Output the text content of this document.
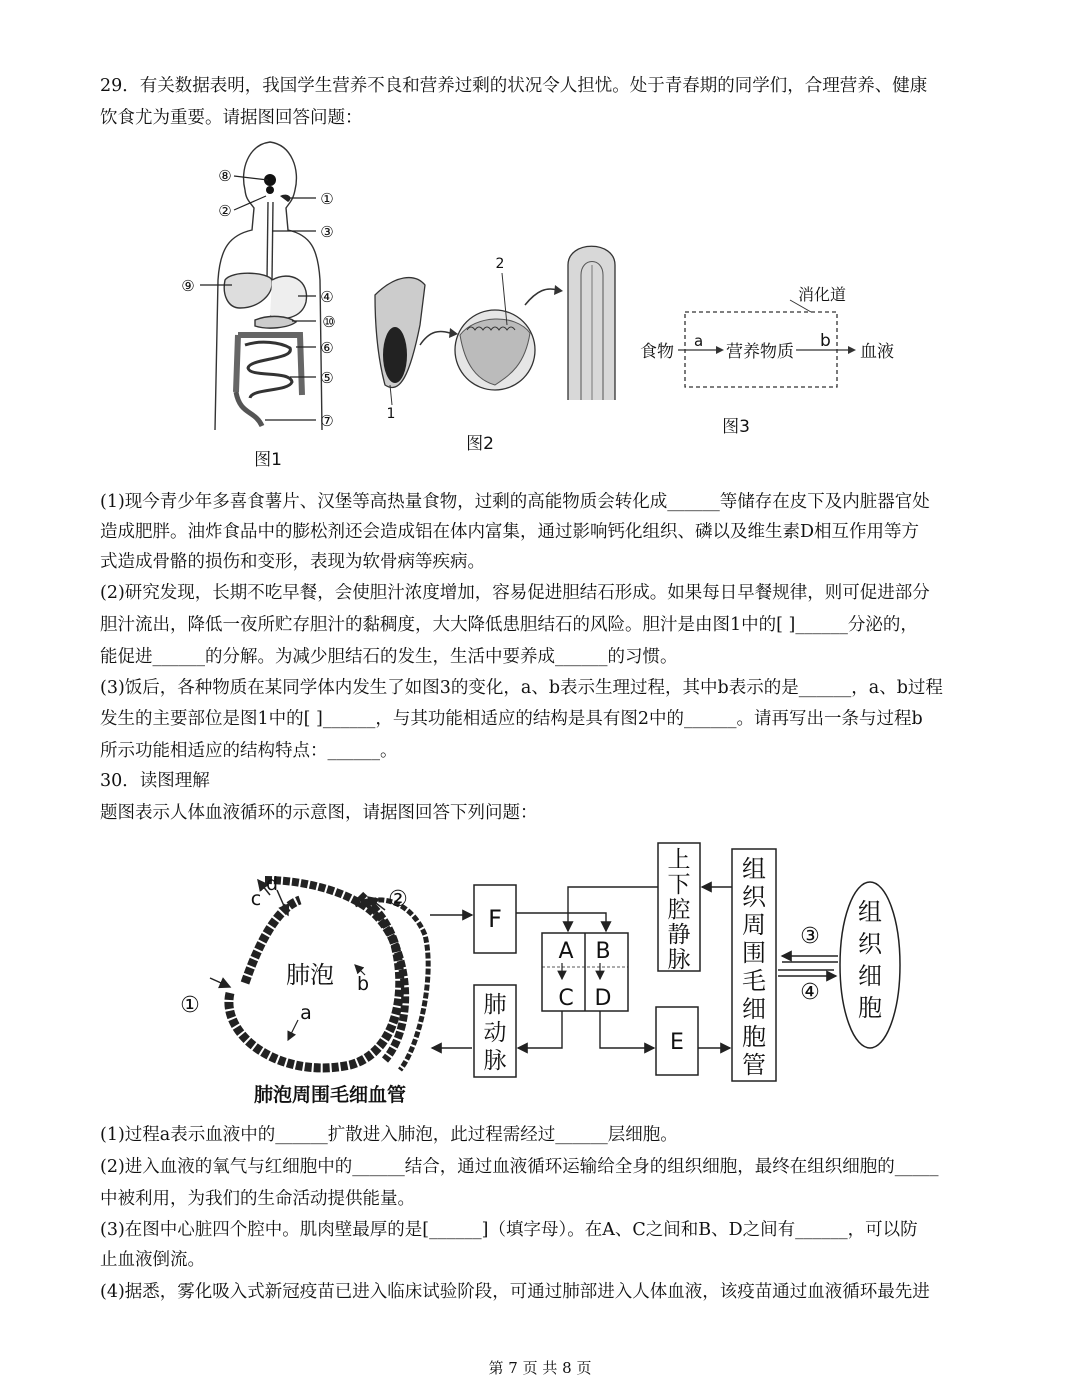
29．有关数据表明，我国学生营养不良和营养过剩的状况令人担忧。处于青春期的同学们，合理营养、健康
饮食尤为重要。请据图回答问题：
⑧
②
①
③
⑨
④
⑩
⑥
⑤
⑦
图1
1
2
图2
消化道
食物
a
营养物质
b
血液
图3
(1)现今青少年多喜食薯片、汉堡等高热量食物，过剩的高能物质会转化成______等储存在皮下及内脏器官处
造成肥胖。油炸食品中的膨松剂还会造成铝在体内富集，通过影响钙化组织、磷以及维生素D相互作用等方
式造成骨骼的损伤和变形，表现为软骨病等疾病。
(2)研究发现，长期不吃早餐，会使胆汁浓度增加，容易促进胆结石形成。如果每日早餐规律，则可促进部分
胆汁流出，降低一夜所贮存胆汁的黏稠度，大大降低患胆结石的风险。胆汁是由图1中的[ ]______分泌的，
能促进______的分解。为减少胆结石的发生，生活中要养成______的习惯。
(3)饭后，各种物质在某同学体内发生了如图3的变化，a、b表示生理过程，其中b表示的是______，a、b过程
发生的主要部位是图1中的[ ]______，与其功能相适应的结构是具有图2中的______。请再写出一条与过程b
所示功能相适应的结构特点：______。
30．读图理解
题图表示人体血液循环的示意图，请据图回答下列问题：
肺泡
a
b
c
d
①
②
肺泡周围毛细血管
F
A B
C D
肺
动
脉
E
上
下
腔
静
脉
组
织
周
围
毛
细
胞
管
③
④
组
织
细
胞
(1)过程a表示血液中的______扩散进入肺泡，此过程需经过______层细胞。
(2)进入血液的氧气与红细胞中的______结合，通过血液循环运输给全身的组织细胞，最终在组织细胞的_____
中被利用，为我们的生命活动提供能量。
(3)在图中心脏四个腔中。肌肉壁最厚的是[______]（填字母）。在A、C之间和B、D之间有______，可以防
止血液倒流。
(4)据悉，雾化吸入式新冠疫苗已进入临床试验阶段，可通过肺部进入人体血液，该疫苗通过血液循环最先进
第 7 页 共 8 页
